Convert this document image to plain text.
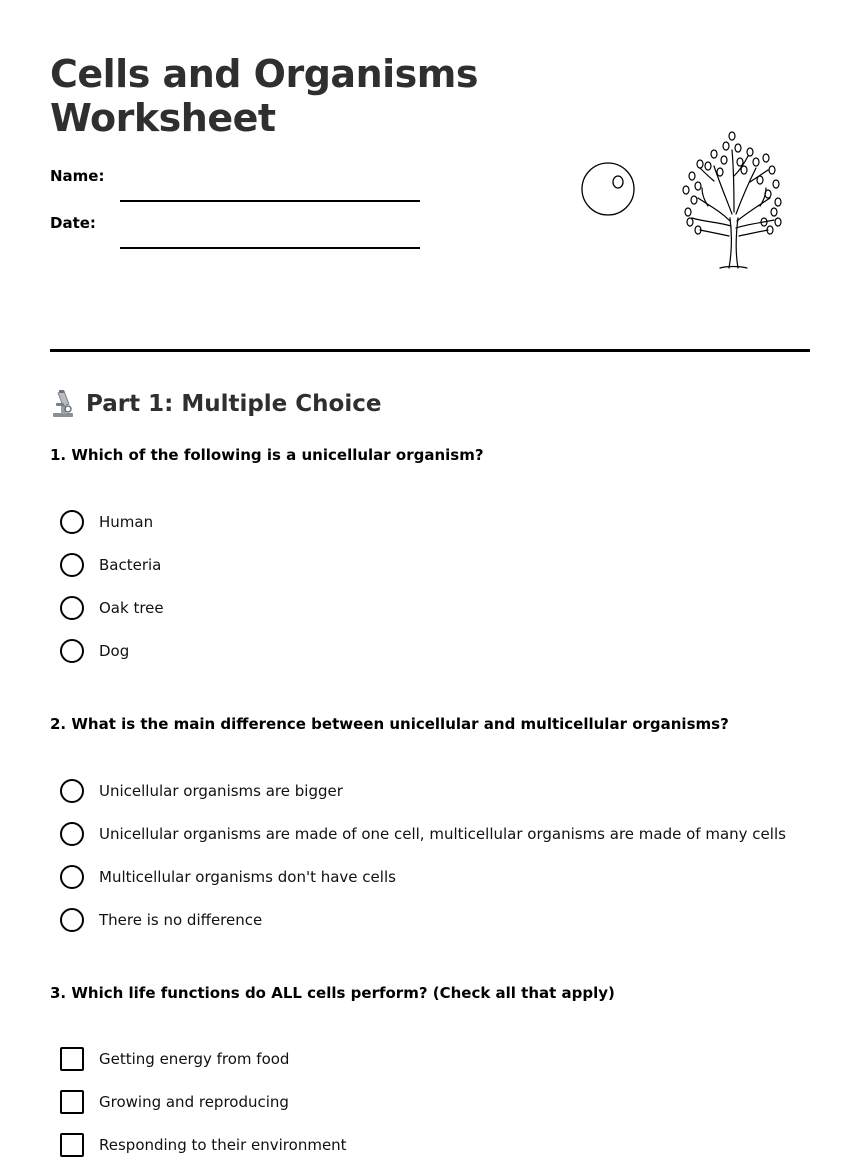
Cells and Organisms
Worksheet
Name:
Date:
Part 1: Multiple Choice

1. Which of the following is a unicellular organism?

Human
Bacteria
Oak tree
Dog

2. What is the main difference between unicellular and multicellular organisms?

Unicellular organisms are bigger
Unicellular organisms are made of one cell, multicellular organisms are made of many cells
Multicellular organisms don't have cells
There is no difference

3. Which life functions do ALL cells perform? (Check all that apply)

Getting energy from food
Growing and reproducing
Responding to their environment
